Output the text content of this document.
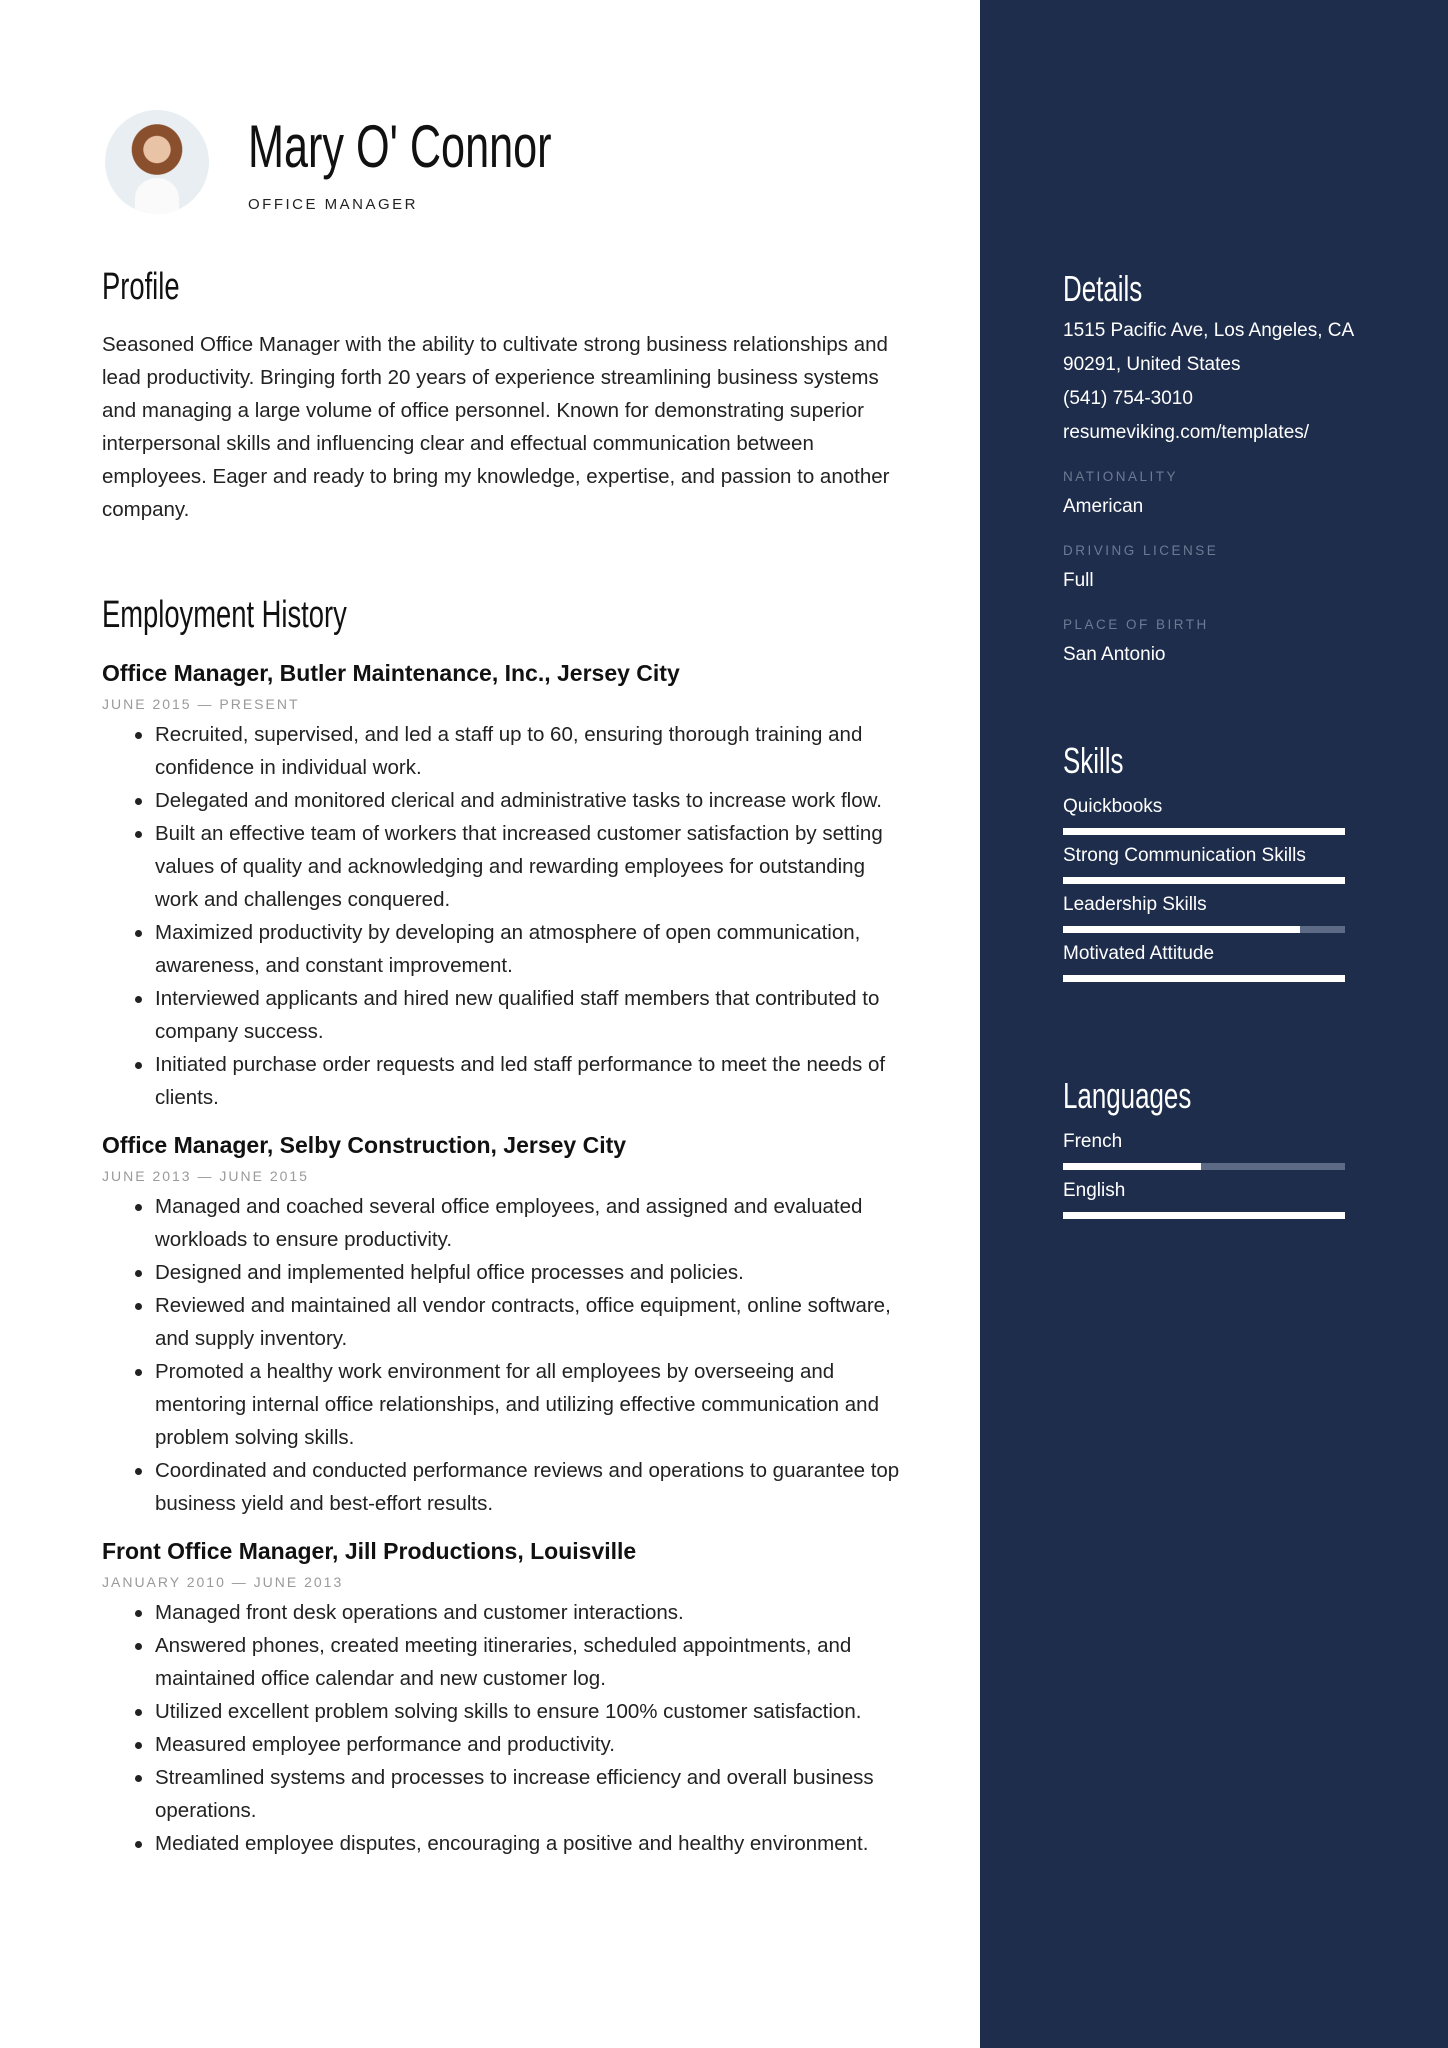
Mary O' Connor
OFFICE MANAGER
Profile

Seasoned Office Manager with the ability to cultivate strong business relationships and lead productivity. Bringing forth 20 years of experience streamlining business systems and managing a large volume of office personnel. Known for demonstrating superior interpersonal skills and influencing clear and effectual communication between employees. Eager and ready to bring my knowledge, expertise, and passion to another company.

Employment History
Office Manager, Butler Maintenance, Inc., Jersey City
JUNE 2015 — PRESENT
Recruited, supervised, and led a staff up to 60, ensuring thorough training and confidence in individual work.
Delegated and monitored clerical and administrative tasks to increase work flow.
Built an effective team of workers that increased customer satisfaction by setting values of quality and acknowledging and rewarding employees for outstanding work and challenges conquered.
Maximized productivity by developing an atmosphere of open communication, awareness, and constant improvement.
Interviewed applicants and hired new qualified staff members that contributed to company success.
Initiated purchase order requests and led staff performance to meet the needs of clients.
Office Manager, Selby Construction, Jersey City
JUNE 2013 — JUNE 2015
Managed and coached several office employees, and assigned and evaluated workloads to ensure productivity.
Designed and implemented helpful office processes and policies.
Reviewed and maintained all vendor contracts, office equipment, online software, and supply inventory.
Promoted a healthy work environment for all employees by overseeing and mentoring internal office relationships, and utilizing effective communication and problem solving skills.
Coordinated and conducted performance reviews and operations to guarantee top business yield and best-effort results.
Front Office Manager, Jill Productions, Louisville
JANUARY 2010 — JUNE 2013
Managed front desk operations and customer interactions.
Answered phones, created meeting itineraries, scheduled appointments, and maintained office calendar and new customer log.
Utilized excellent problem solving skills to ensure 100% customer satisfaction.
Measured employee performance and productivity.
Streamlined systems and processes to increase efficiency and overall business operations.
Mediated employee disputes, encouraging a positive and healthy environment.
Details
1515 Pacific Ave, Los Angeles, CA
90291, United States
(541) 754-3010
resumeviking.com/templates/
NATIONALITY
American
DRIVING LICENSE
Full
PLACE OF BIRTH
San Antonio
Skills
Quickbooks
Strong Communication Skills
Leadership Skills
Motivated Attitude
Languages
French
English
